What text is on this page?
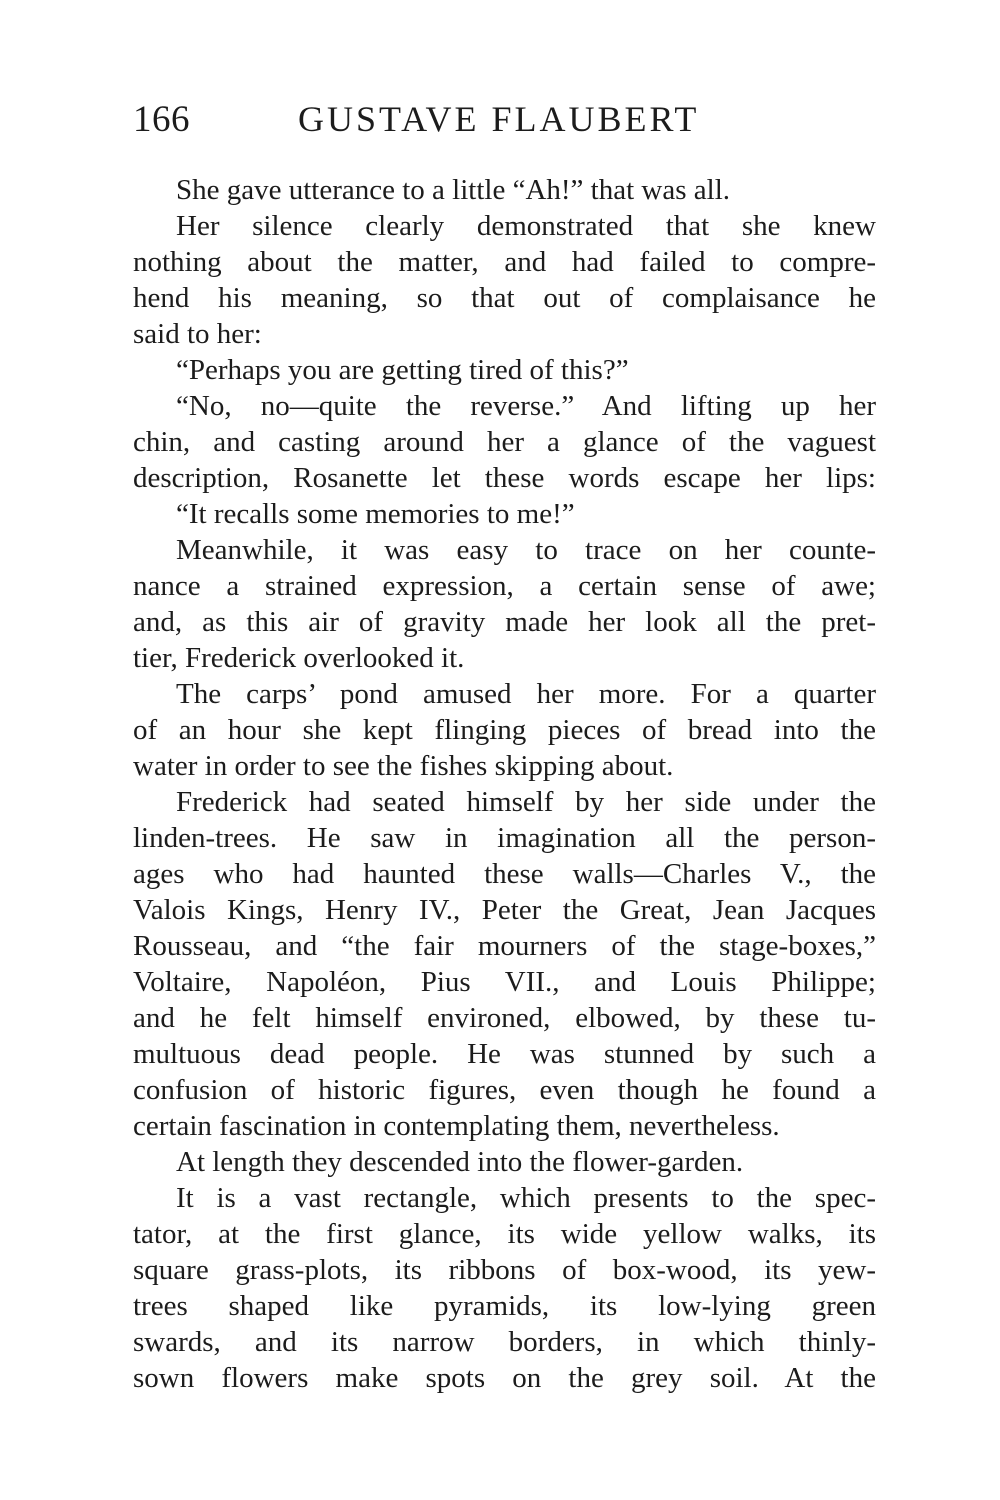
166	GUSTAVE FLAUBERT
She gave utterance to a little “Ah!” that was all.
Her silence clearly demonstrated that she knew
nothing about the matter, and had failed to compre-
hend his meaning, so that out of complaisance he
said to her:
“Perhaps you are getting tired of this?”
“No, no—quite the reverse.” And lifting up her
chin, and casting around her a glance of the vaguest
description, Rosanette let these words escape her lips:
“It recalls some memories to me!”
Meanwhile, it was easy to trace on her counte-
nance a strained expression, a certain sense of awe;
and, as this air of gravity made her look all the pret-
tier, Frederick overlooked it.
The carps’ pond amused her more. For a quarter
of an hour she kept flinging pieces of bread into the
water in order to see the fishes skipping about.
Frederick had seated himself by her side under the
linden-trees. He saw in imagination all the person-
ages who had haunted these walls—Charles V., the
Valois Kings, Henry IV., Peter the Great, Jean Jacques
Rousseau, and “the fair mourners of the stage-boxes,”
Voltaire, Napoléon, Pius VII., and Louis Philippe;
and he felt himself environed, elbowed, by these tu-
multuous dead people. He was stunned by such a
confusion of historic figures, even though he found a
certain fascination in contemplating them, nevertheless.
At length they descended into the flower-garden.
It is a vast rectangle, which presents to the spec-
tator, at the first glance, its wide yellow walks, its
square grass-plots, its ribbons of box-wood, its yew-
trees shaped like pyramids, its low-lying green
swards, and its narrow borders, in which thinly-
sown flowers make spots on the grey soil. At the
